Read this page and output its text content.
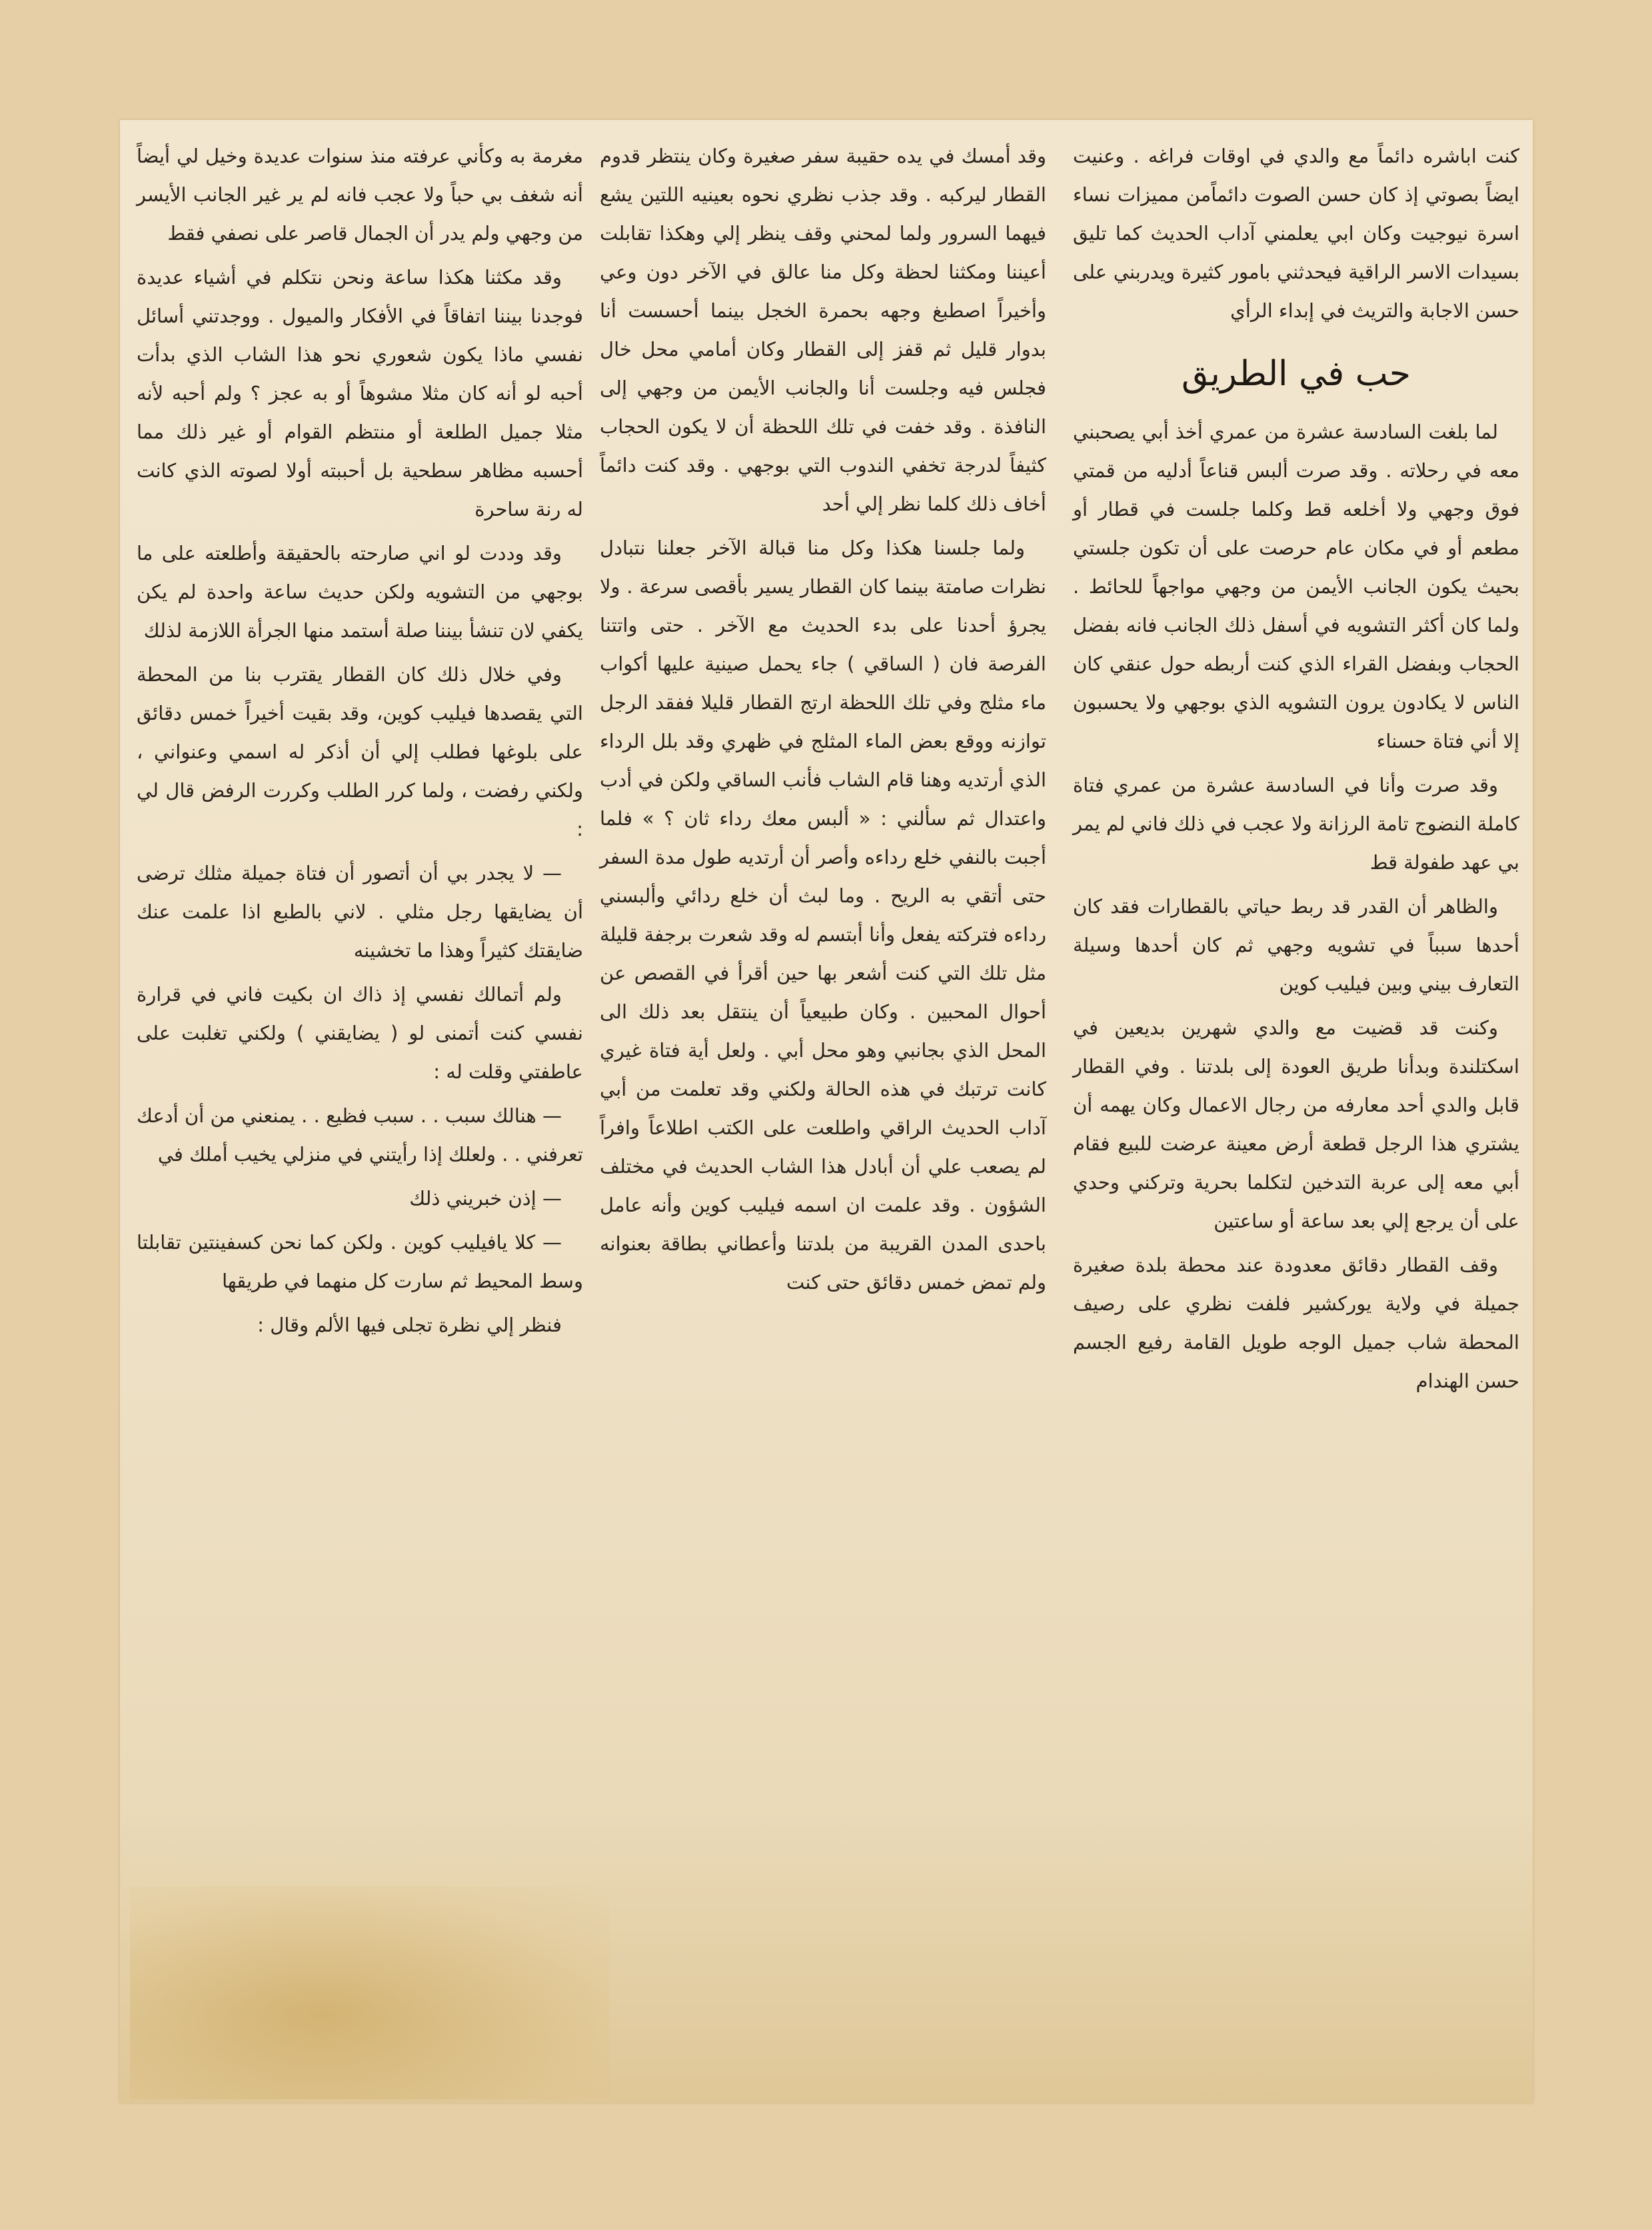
كنت اباشره دائماً مع والدي في اوقات فراغه . وعنيت ايضاً بصوتي إذ كان حسن الصوت دائماًمن مميزات نساء اسرة نيوجيت وكان ابي يعلمني آداب الحديث كما تليق بسيدات الاسر الراقية فيحدثني بامور كثيرة ويدربني على حسن الاجابة والتريث في إبداء الرأي

حب في الطريق

لما بلغت السادسة عشرة من عمري أخذ أبي يصحبني معه في رحلاته . وقد صرت ألبس قناعاً أدليه من قمتي فوق وجهي ولا أخلعه قط وكلما جلست في قطار أو مطعم أو في مكان عام حرصت على أن تكون جلستي بحيث يكون الجانب الأيمن من وجهي مواجهاً للحائط . ولما كان أكثر التشويه في أسفل ذلك الجانب فانه بفضل الحجاب وبفضل القراء الذي كنت أربطه حول عنقي كان الناس لا يكادون يرون التشويه الذي بوجهي ولا يحسبون إلا أني فتاة حسناء

وقد صرت وأنا في السادسة عشرة من عمري فتاة كاملة النضوج تامة الرزانة ولا عجب في ذلك فاني لم يمر بي عهد طفولة قط

والظاهر أن القدر قد ربط حياتي بالقطارات فقد كان أحدها سبباً في تشويه وجهي ثم كان أحدها وسيلة التعارف بيني وبين فيليب كوين

وكنت قد قضيت مع والدي شهرين بديعين في اسكتلندة وبدأنا طريق العودة إلى بلدتنا . وفي القطار قابل والدي أحد معارفه من رجال الاعمال وكان يهمه أن يشتري هذا الرجل قطعة أرض معينة عرضت للبيع فقام أبي معه إلى عربة التدخين لتكلما بحرية وتركني وحدي على أن يرجع إلي بعد ساعة أو ساعتين

وقف القطار دقائق معدودة عند محطة بلدة صغيرة جميلة في ولاية يوركشير فلفت نظري على رصيف المحطة شاب جميل الوجه طويل القامة رفيع الجسم حسن الهندام

وقد أمسك في يده حقيبة سفر صغيرة وكان ينتظر قدوم القطار ليركبه . وقد جذب نظري نحوه بعينيه اللتين يشع فيهما السرور ولما لمحني وقف ينظر إلي وهكذا تقابلت أعيننا ومكثنا لحظة وكل منا عالق في الآخر دون وعي وأخيراً اصطبغ وجهه بحمرة الخجل بينما أحسست أنا بدوار قليل ثم قفز إلى القطار وكان أمامي محل خال فجلس فيه وجلست أنا والجانب الأيمن من وجهي إلى النافذة . وقد خفت في تلك اللحظة أن لا يكون الحجاب كثيفاً لدرجة تخفي الندوب التي بوجهي . وقد كنت دائماً أخاف ذلك كلما نظر إلي أحد

ولما جلسنا هكذا وكل منا قبالة الآخر جعلنا نتبادل نظرات صامتة بينما كان القطار يسير بأقصى سرعة . ولا يجرؤ أحدنا على بدء الحديث مع الآخر . حتى واتتنا الفرصة فان ( الساقي ) جاء يحمل صينية عليها أكواب ماء مثلج وفي تلك اللحظة ارتج القطار قليلا ففقد الرجل توازنه ووقع بعض الماء المثلج في ظهري وقد بلل الرداء الذي أرتديه وهنا قام الشاب فأنب الساقي ولكن في أدب واعتدال ثم سألني : « ألبس معك رداء ثان ؟ » فلما أجبت بالنفي خلع رداءه وأصر أن أرتديه طول مدة السفر حتى أتقي به الريح . وما لبث أن خلع ردائي وألبسني رداءه فتركته يفعل وأنا أبتسم له وقد شعرت برجفة قليلة مثل تلك التي كنت أشعر بها حين أقرأ في القصص عن أحوال المحبين . وكان طبيعياً أن ينتقل بعد ذلك الى المحل الذي بجانبي وهو محل أبي . ولعل أية فتاة غيري كانت ترتبك في هذه الحالة ولكني وقد تعلمت من أبي آداب الحديث الراقي واطلعت على الكتب اطلاعاً وافراً لم يصعب علي أن أبادل هذا الشاب الحديث في مختلف الشؤون . وقد علمت ان اسمه فيليب كوين وأنه عامل باحدى المدن القريبة من بلدتنا وأعطاني بطاقة بعنوانه ولم تمض خمس دقائق حتى كنت

مغرمة به وكأني عرفته منذ سنوات عديدة وخيل لي أيضاً أنه شغف بي حباً ولا عجب فانه لم ير غير الجانب الأيسر من وجهي ولم يدر أن الجمال قاصر على نصفي فقط

وقد مكثنا هكذا ساعة ونحن نتكلم في أشياء عديدة فوجدنا بيننا اتفاقاً في الأفكار والميول . ووجدتني أسائل نفسي ماذا يكون شعوري نحو هذا الشاب الذي بدأت أحبه لو أنه كان مثلا مشوهاً أو به عجز ؟ ولم أحبه لأنه مثلا جميل الطلعة أو منتظم القوام أو غير ذلك مما أحسبه مظاهر سطحية بل أحببته أولا لصوته الذي كانت له رنة ساحرة

وقد وددت لو اني صارحته بالحقيقة وأطلعته على ما بوجهي من التشويه ولكن حديث ساعة واحدة لم يكن يكفي لان تنشأ بيننا صلة أستمد منها الجرأة اللازمة لذلك

وفي خلال ذلك كان القطار يقترب بنا من المحطة التي يقصدها فيليب كوين، وقد بقيت أخيراً خمس دقائق على بلوغها فطلب إلي أن أذكر له اسمي وعنواني ، ولكني رفضت ، ولما كرر الطلب وكررت الرفض قال لي :

— لا يجدر بي أن أتصور أن فتاة جميلة مثلك ترضى أن يضايقها رجل مثلي . لاني بالطبع اذا علمت عنك ضايقتك كثيراً وهذا ما تخشينه

ولم أتمالك نفسي إذ ذاك ان بكيت فاني في قرارة نفسي كنت أتمنى لو ( يضايقني ) ولكني تغلبت على عاطفتي وقلت له :

— هنالك سبب . . سبب فظيع . . يمنعني من أن أدعك تعرفني . . ولعلك إذا رأيتني في منزلي يخيب أملك في

— إذن خبريني ذلك

— كلا يافيليب كوين . ولكن كما نحن كسفينتين تقابلتا وسط المحيط ثم سارت كل منهما في طريقها

فنظر إلي نظرة تجلى فيها الألم وقال :
